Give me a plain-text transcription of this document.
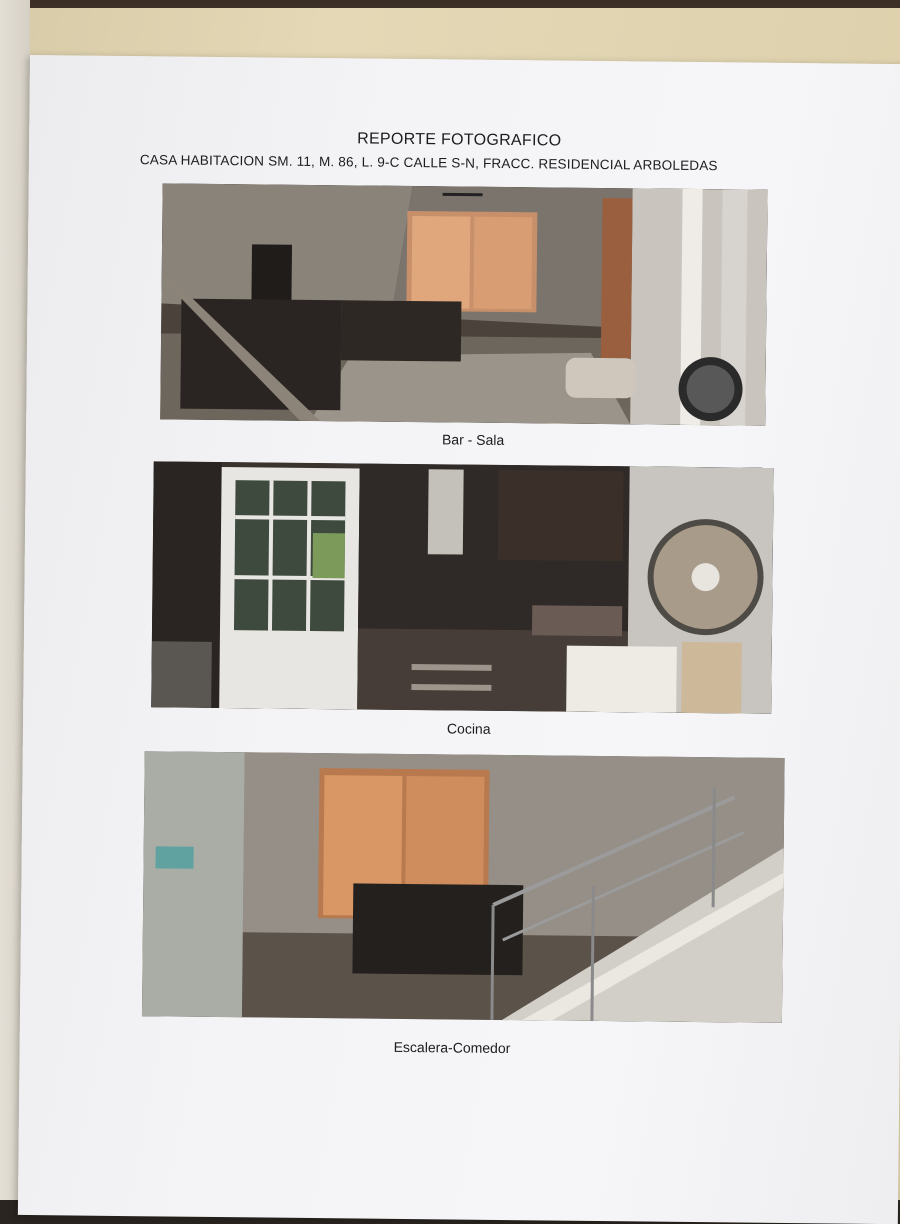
REPORTE FOTOGRAFICO
CASA HABITACION SM. 11, M. 86, L. 9-C CALLE S-N, FRACC. RESIDENCIAL ARBOLEDAS
Bar - Sala
Cocina
Escalera-Comedor
